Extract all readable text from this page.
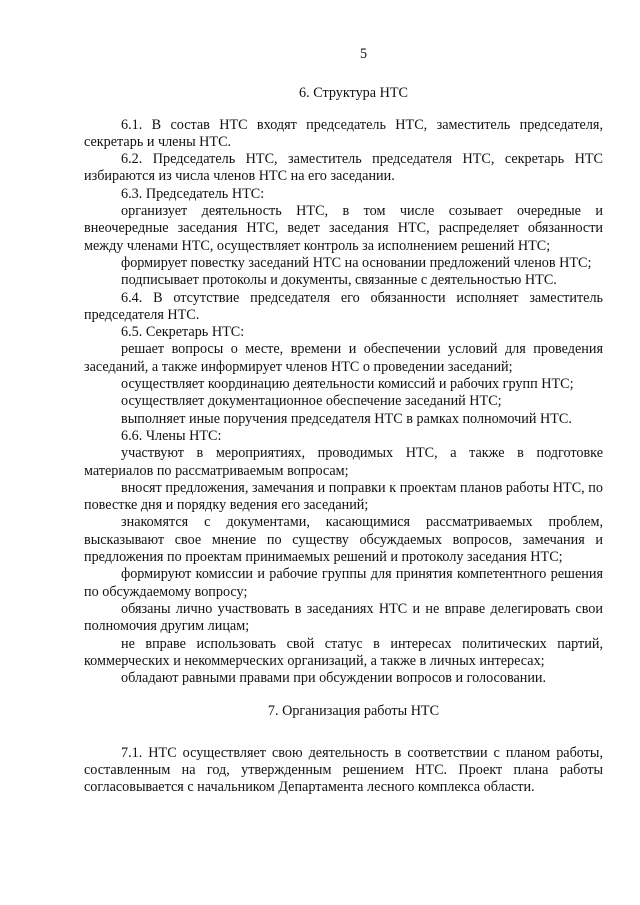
5
6. Структура НТС

6.1. В состав НТС входят председатель НТС, заместитель председателя, секретарь и члены НТС.

6.2. Председатель НТС, заместитель председателя НТС, секретарь НТС избираются из числа членов НТС на его заседании.

6.3. Председатель НТС:

организует деятельность НТС, в том числе созывает очередные и внеочередные заседания НТС, ведет заседания НТС, распределяет обязанности между членами НТС, осуществляет контроль за исполнением решений НТС;

формирует повестку заседаний НТС на основании предложений членов НТС;

подписывает протоколы и документы, связанные с деятельностью НТС.

6.4. В отсутствие председателя его обязанности исполняет заместитель председателя НТС.

6.5. Секретарь НТС:

решает вопросы о месте, времени и обеспечении условий для проведения заседаний, а также информирует членов НТС о проведении заседаний;

осуществляет координацию деятельности комиссий и рабочих групп НТС;

осуществляет документационное обеспечение заседаний НТС;

выполняет иные поручения председателя НТС в рамках полномочий НТС.

6.6. Члены НТС:

участвуют в мероприятиях, проводимых НТС, а также в подготовке материалов по рассматриваемым вопросам;

вносят предложения, замечания и поправки к проектам планов работы НТС, по повестке дня и порядку ведения его заседаний;

знакомятся с документами, касающимися рассматриваемых проблем, высказывают свое мнение по существу обсуждаемых вопросов, замечания и предложения по проектам принимаемых решений и протоколу заседания НТС;

формируют комиссии и рабочие группы для принятия компетентного решения по обсуждаемому вопросу;

обязаны лично участвовать в заседаниях НТС и не вправе делегировать свои полномочия другим лицам;

не вправе использовать свой статус в интересах политических партий, коммерческих и некоммерческих организаций, а также в личных интересах;

обладают равными правами при обсуждении вопросов и голосовании.

7. Организация работы НТС

7.1. НТС осуществляет свою деятельность в соответствии с планом работы, составленным на год, утвержденным решением НТС. Проект плана работы согласовывается с начальником Департамента лесного комплекса области.
